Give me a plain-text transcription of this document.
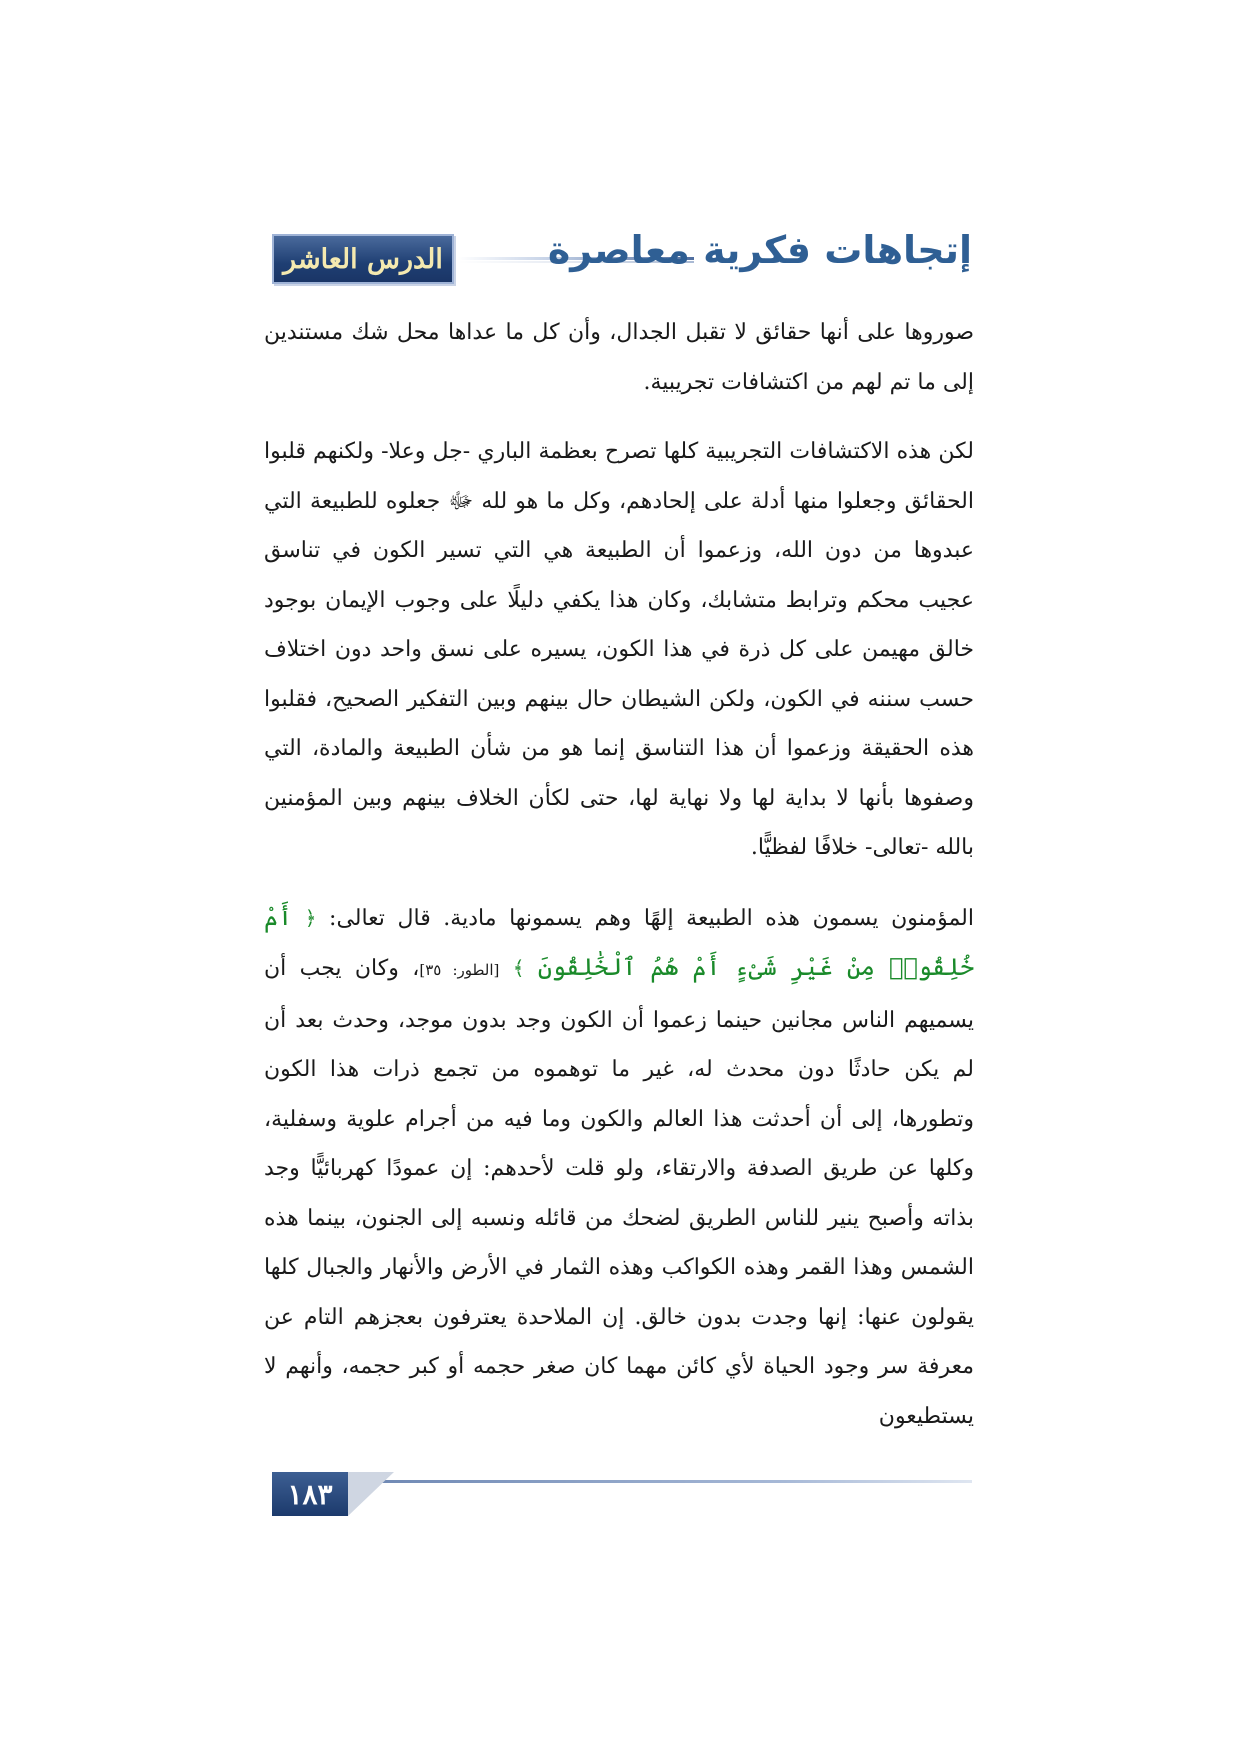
الدرس العاشر	إتجاهات فكرية معاصرة

صوروها على أنها حقائق لا تقبل الجدال، وأن كل ما عداها محل شك مستندين إلى ما تم لهم من اكتشافات تجريبية.

لكن هذه الاكتشافات التجريبية كلها تصرح بعظمة الباري -جل وعلا- ولكنهم قلبوا الحقائق وجعلوا منها أدلة على إلحادهم، وكل ما هو لله ﷻ جعلوه للطبيعة التي عبدوها من دون الله، وزعموا أن الطبيعة هي التي تسير الكون في تناسق عجيب محكم وترابط متشابك، وكان هذا يكفي دليلًا على وجوب الإيمان بوجود خالق مهيمن على كل ذرة في هذا الكون، يسيره على نسق واحد دون اختلاف حسب سننه في الكون، ولكن الشيطان حال بينهم وبين التفكير الصحيح، فقلبوا هذه الحقيقة وزعموا أن هذا التناسق إنما هو من شأن الطبيعة والمادة، التي وصفوها بأنها لا بداية لها ولا نهاية لها، حتى لكأن الخلاف بينهم وبين المؤمنين بالله -تعالى- خلافًا لفظيًّا.

المؤمنون يسمون هذه الطبيعة إلهًا وهم يسمونها مادية. قال تعالى: ﴿ أَمْ خُلِقُوا۟ مِنْ غَيْرِ شَىْءٍ أَمْ هُمُ ٱلْخَٰلِقُونَ ﴾ [الطور: ٣٥]، وكان يجب أن يسميهم الناس مجانين حينما زعموا أن الكون وجد بدون موجد، وحدث بعد أن لم يكن حادثًا دون محدث له، غير ما توهموه من تجمع ذرات هذا الكون وتطورها، إلى أن أحدثت هذا العالم والكون وما فيه من أجرام علوية وسفلية، وكلها عن طريق الصدفة والارتقاء، ولو قلت لأحدهم: إن عمودًا كهربائيًّا وجد بذاته وأصبح ينير للناس الطريق لضحك من قائله ونسبه إلى الجنون، بينما هذه الشمس وهذا القمر وهذه الكواكب وهذه الثمار في الأرض والأنهار والجبال كلها يقولون عنها: إنها وجدت بدون خالق. إن الملاحدة يعترفون بعجزهم التام عن معرفة سر وجود الحياة لأي كائن مهما كان صغر حجمه أو كبر حجمه، وأنهم لا يستطيعون

١٨٣
